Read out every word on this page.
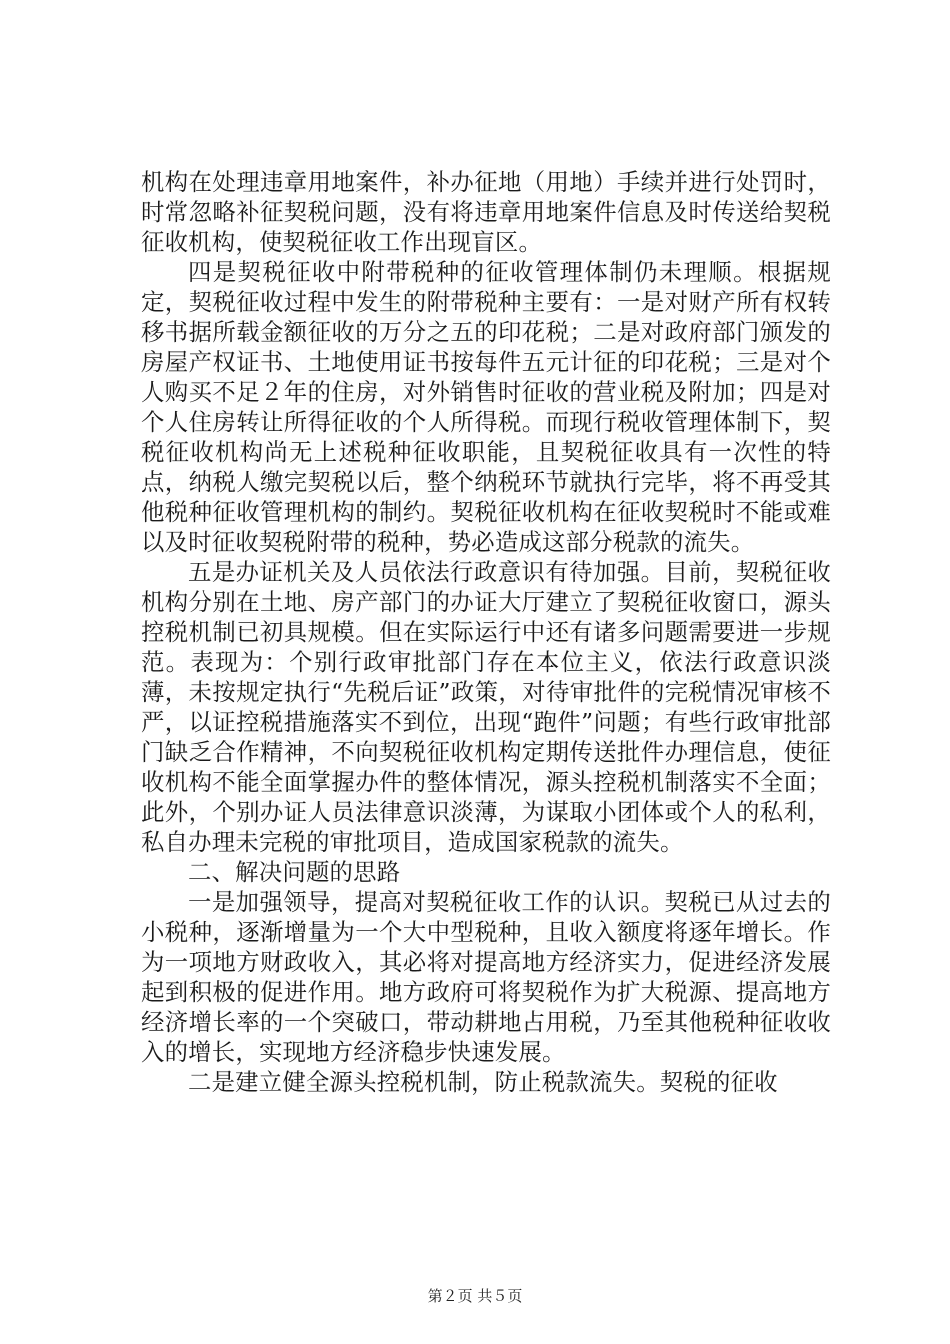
机构在处理违章用地案件，补办征地（用地）手续并进行处罚时，时常忽略补征契税问题，没有将违章用地案件信息及时传送给契税征收机构，使契税征收工作出现盲区。

四是契税征收中附带税种的征收管理体制仍未理顺。根据规定，契税征收过程中发生的附带税种主要有：一是对财产所有权转移书据所载金额征收的万分之五的印花税；二是对政府部门颁发的房屋产权证书、土地使用证书按每件五元计征的印花税；三是对个人购买不足２年的住房，对外销售时征收的营业税及附加；四是对个人住房转让所得征收的个人所得税。而现行税收管理体制下，契税征收机构尚无上述税种征收职能，且契税征收具有一次性的特点，纳税人缴完契税以后，整个纳税环节就执行完毕，将不再受其他税种征收管理机构的制约。契税征收机构在征收契税时不能或难以及时征收契税附带的税种，势必造成这部分税款的流失。

五是办证机关及人员依法行政意识有待加强。目前，契税征收机构分别在土地、房产部门的办证大厅建立了契税征收窗口，源头控税机制已初具规模。但在实际运行中还有诸多问题需要进一步规范。表现为：个别行政审批部门存在本位主义，依法行政意识淡薄，未按规定执行“先税后证”政策，对待审批件的完税情况审核不严，以证控税措施落实不到位，出现“跑件”问题；有些行政审批部门缺乏合作精神，不向契税征收机构定期传送批件办理信息，使征收机构不能全面掌握办件的整体情况，源头控税机制落实不全面；此外，个别办证人员法律意识淡薄，为谋取小团体或个人的私利，私自办理未完税的审批项目，造成国家税款的流失。

二、解决问题的思路

一是加强领导，提高对契税征收工作的认识。契税已从过去的小税种，逐渐增量为一个大中型税种，且收入额度将逐年增长。作为一项地方财政收入，其必将对提高地方经济实力，促进经济发展起到积极的促进作用。地方政府可将契税作为扩大税源、提高地方经济增长率的一个突破口，带动耕地占用税，乃至其他税种征收收入的增长，实现地方经济稳步快速发展。

二是建立健全源头控税机制，防止税款流失。契税的征收

第２页 共５页
